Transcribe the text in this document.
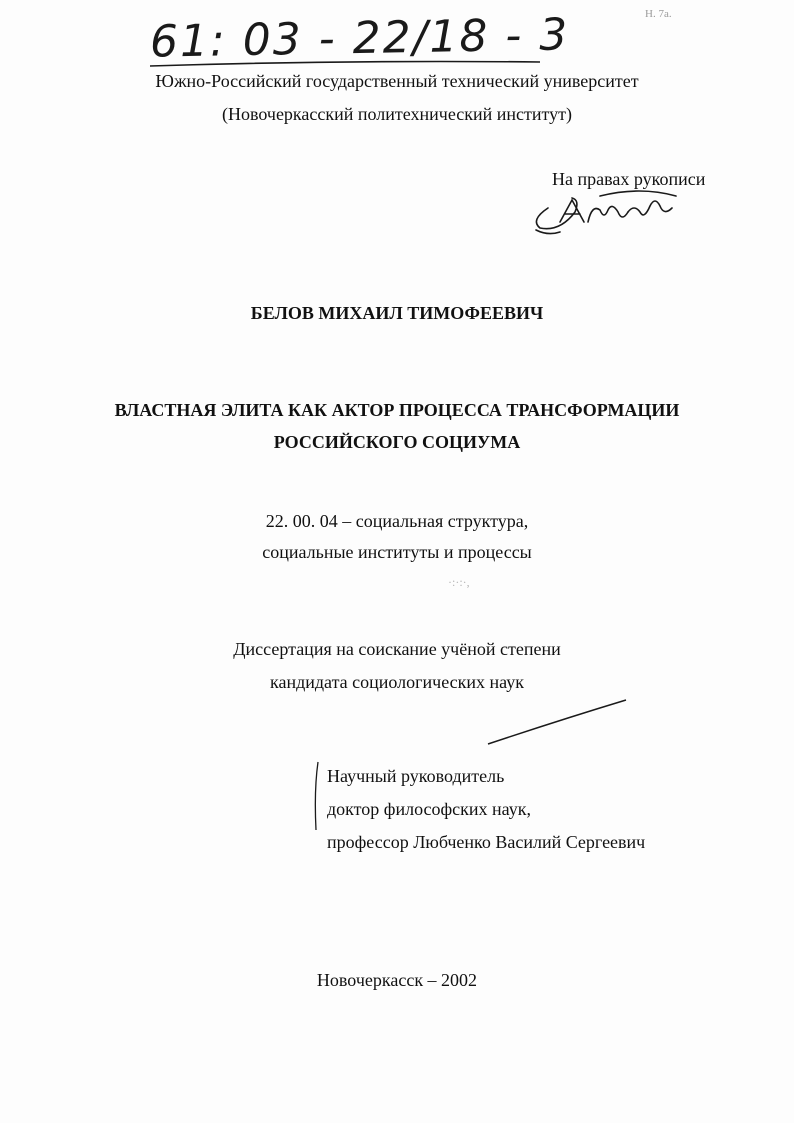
61: 03 - 22/18 - 3	Н. 7а.
Южно-Российский государственный технический университет
(Новочеркасский политехнический институт)
На правах рукописи
БЕЛОВ МИХАИЛ ТИМОФЕЕВИЧ
ВЛАСТНАЯ ЭЛИТА КАК АКТОР ПРОЦЕССА ТРАНСФОРМАЦИИ
РОССИЙСКОГО СОЦИУМА
22. 00. 04 – социальная структура,
социальные институты и процессы
·:·:·,
Диссертация на соискание учёной степени
кандидата социологических наук
Научный руководитель
доктор философских наук,
профессор Любченко Василий Сергеевич
Новочеркасск – 2002
